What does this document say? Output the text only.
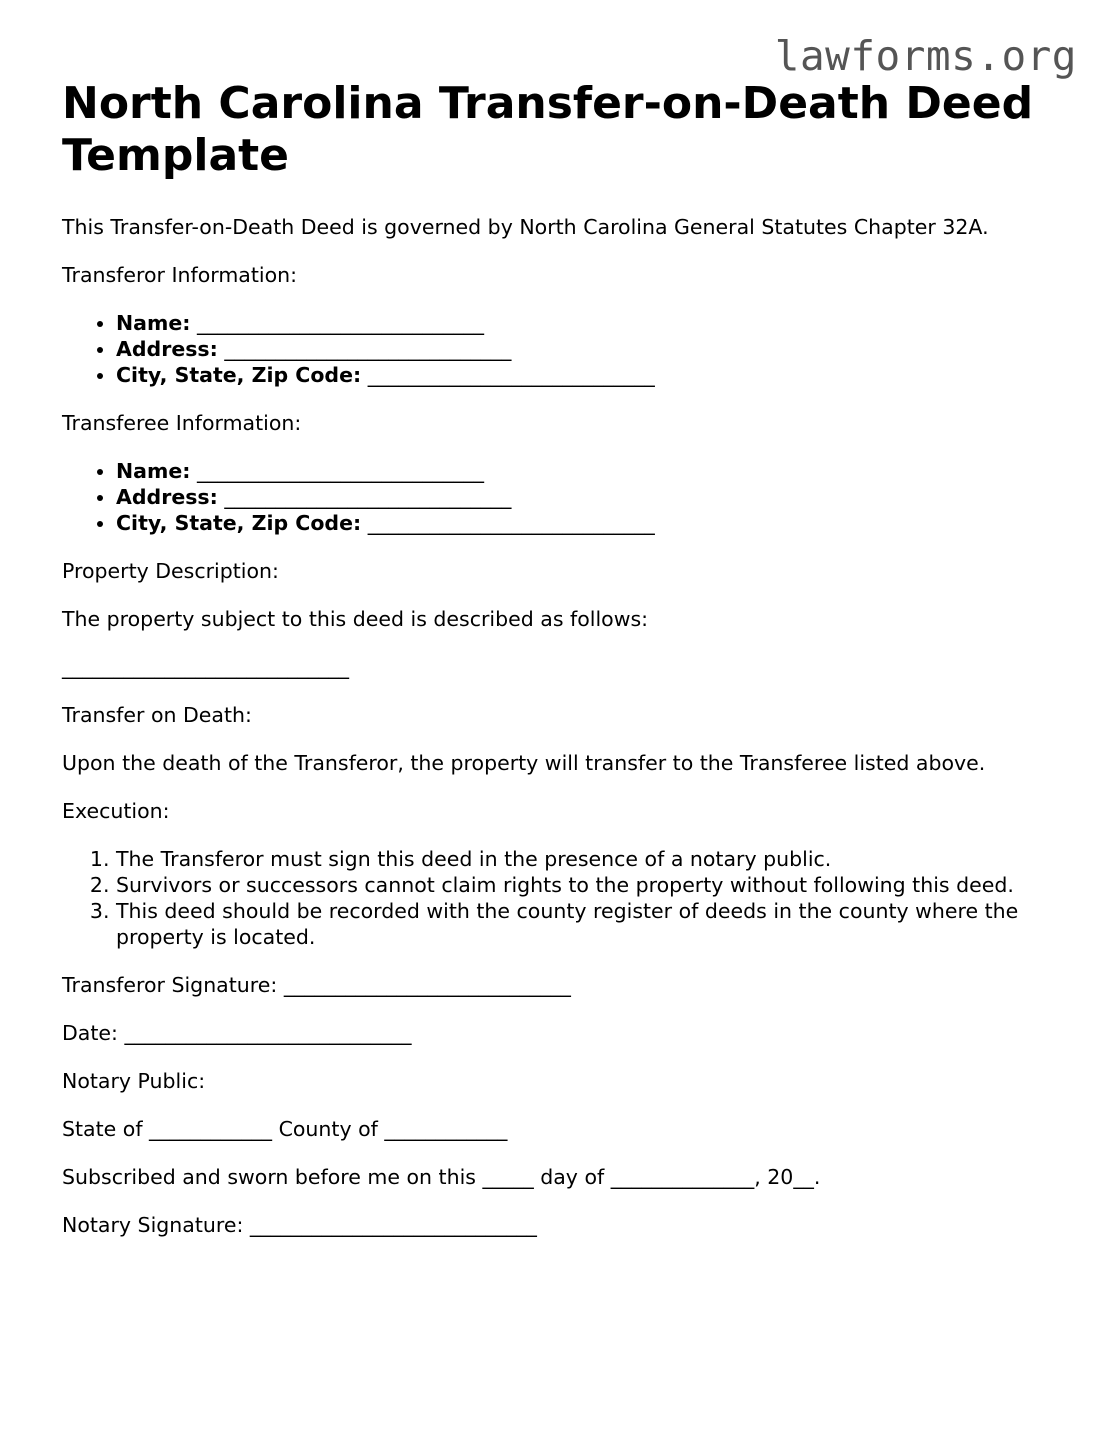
lawforms.org
North Carolina Transfer-on-Death Deed Template

This Transfer-on-Death Deed is governed by North Carolina General Statutes Chapter 32A.

Transferor Information:

• Name: ____________________________
• Address: ____________________________
• City, State, Zip Code: ____________________________

Transferee Information:

• Name: ____________________________
• Address: ____________________________
• City, State, Zip Code: ____________________________

Property Description:

The property subject to this deed is described as follows:

____________________________

Transfer on Death:

Upon the death of the Transferor, the property will transfer to the Transferee listed above.

Execution:

1. The Transferor must sign this deed in the presence of a notary public.
2. Survivors or successors cannot claim rights to the property without following this deed.
3. This deed should be recorded with the county register of deeds in the county where the property is located.

Transferor Signature: ____________________________

Date: ____________________________

Notary Public:

State of ____________ County of ____________

Subscribed and sworn before me on this _____ day of ______________, 20__.

Notary Signature: ____________________________
